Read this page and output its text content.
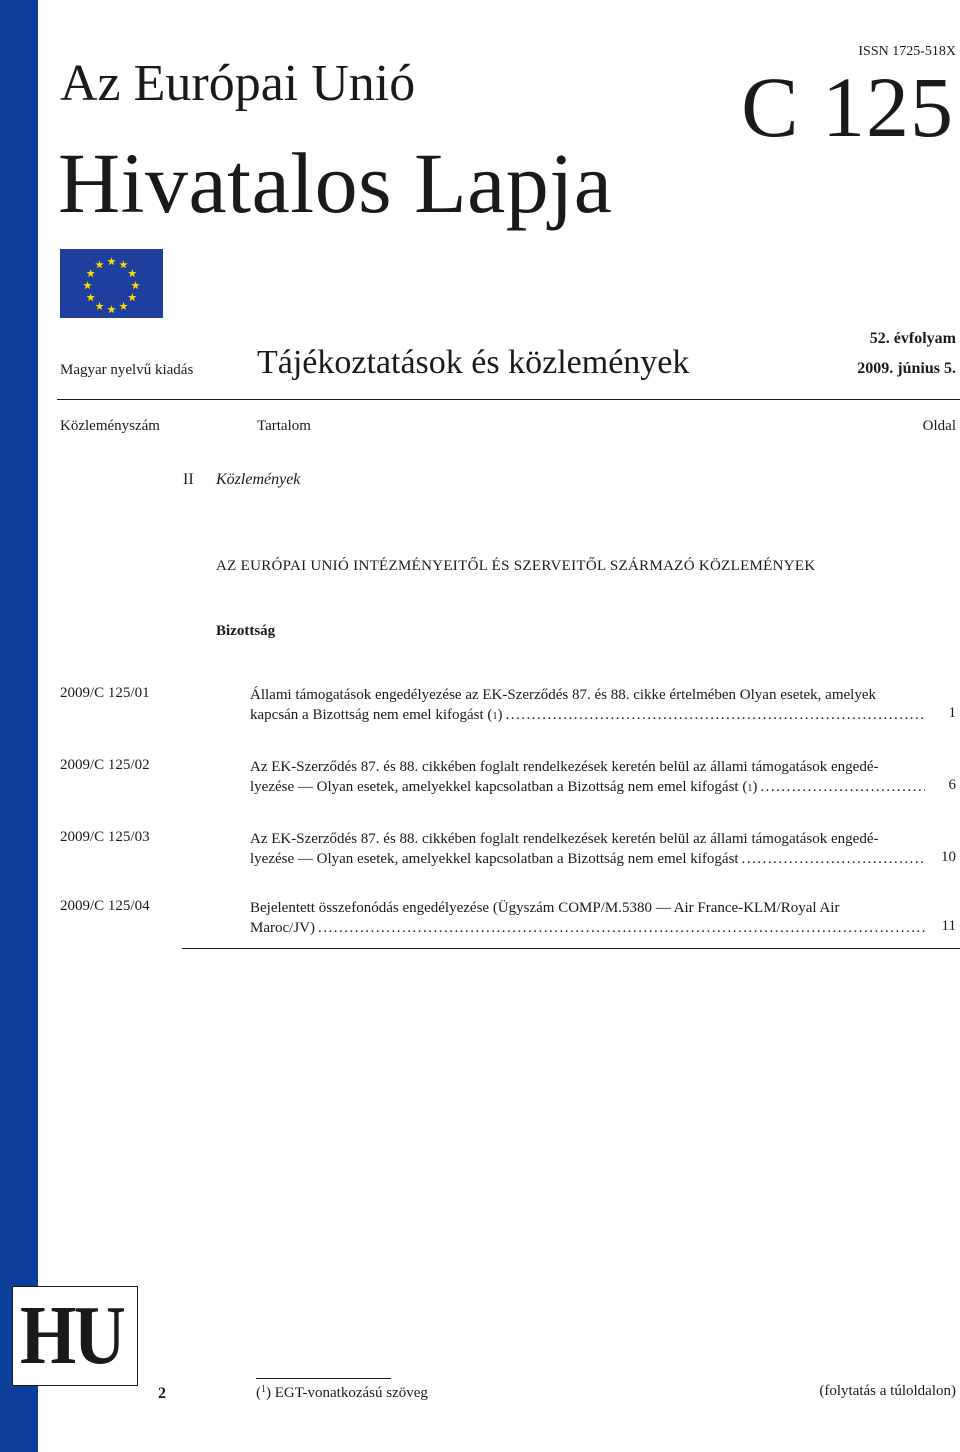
ISSN 1725-518X
C 125
Az Európai Unió
Hivatalos Lapja
Magyar nyelvű kiadás Tájékoztatások és közlemények
52. évfolyam
2009. június 5.
Közleményszám	Tartalom	Oldal
II Közlemények
AZ EURÓPAI UNIÓ INTÉZMÉNYEITŐL ÉS SZERVEITŐL SZÁRMAZÓ KÖZLEMÉNYEK
Bizottság
2009/C 125/01	Állami támogatások engedélyezése az EK-Szerződés 87. és 88. cikke értelmében Olyan esetek, amelyek
kapcsán a Bizottság nem emel kifogást ( 1 ) .....	1
2009/C 125/02	Az EK-Szerződés 87. és 88. cikkében foglalt rendelkezések keretén belül az állami támogatások engedé-
lyezése — Olyan esetek, amelyekkel kapcsolatban a Bizottság nem emel kifogást ( 1 ) .....	6
2009/C 125/03	Az EK-Szerződés 87. és 88. cikkében foglalt rendelkezések keretén belül az állami támogatások engedé-
lyezése — Olyan esetek, amelyekkel kapcsolatban a Bizottság nem emel kifogást .....	10
2009/C 125/04	Bejelentett összefonódás engedélyezése (Ügyszám COMP/M.5380 — Air France-KLM/Royal Air
Maroc/JV) .....	11
HU
2	($^1$) EGT-vonatkozású szöveg	(folytatás a túloldalon)
